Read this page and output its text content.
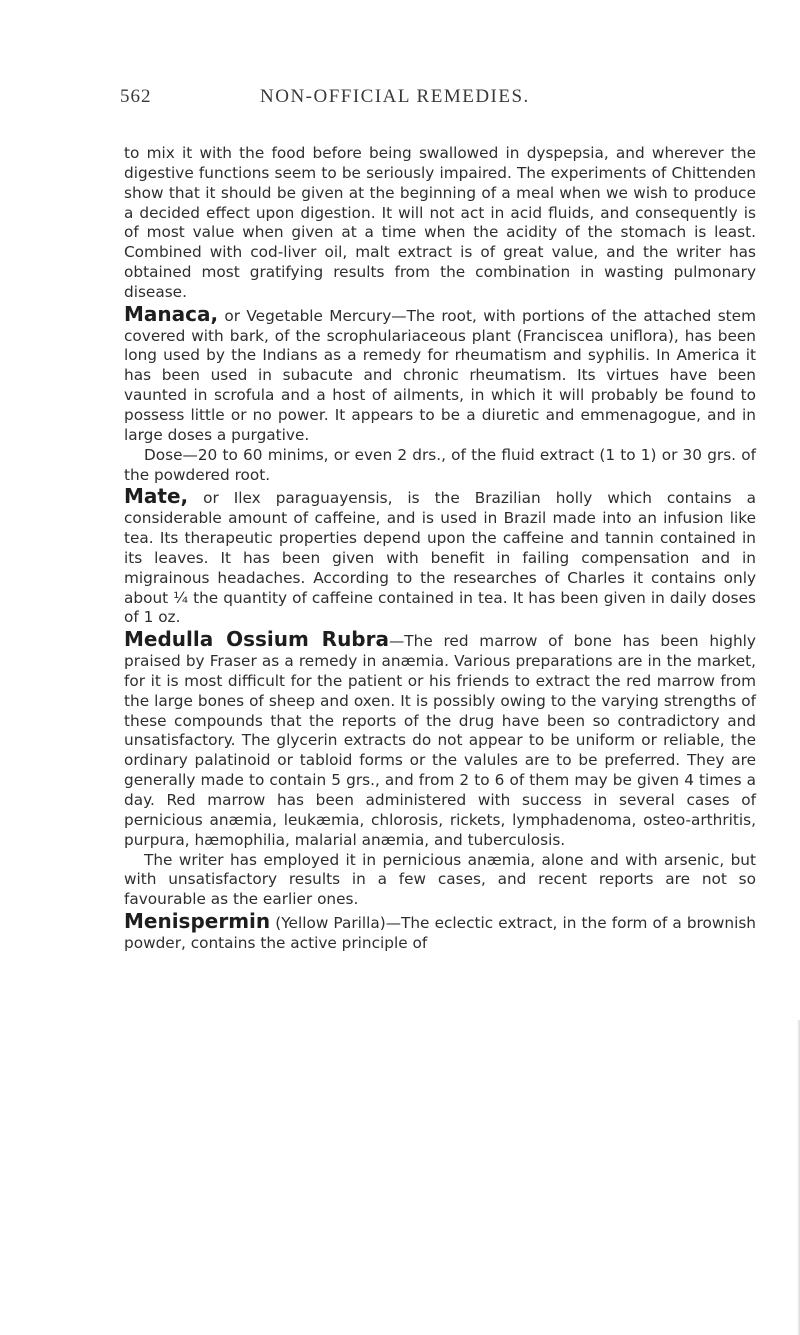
562	NON-OFFICIAL REMEDIES.

to mix it with the food before being swallowed in dyspepsia, and wherever the digestive functions seem to be seriously impaired. The experiments of Chittenden show that it should be given at the beginning of a meal when we wish to produce a decided effect upon digestion. It will not act in acid fluids, and consequently is of most value when given at a time when the acidity of the stomach is least. Combined with cod-liver oil, malt extract is of great value, and the writer has obtained most gratifying results from the combination in wasting pulmonary disease.

Manaca, or Vegetable Mercury—The root, with portions of the attached stem covered with bark, of the scrophulariaceous plant (Franciscea uniflora), has been long used by the Indians as a remedy for rheumatism and syphilis. In America it has been used in subacute and chronic rheumatism. Its virtues have been vaunted in scrofula and a host of ailments, in which it will probably be found to possess little or no power. It appears to be a diuretic and emmenagogue, and in large doses a purgative.

Dose—20 to 60 minims, or even 2 drs., of the fluid extract (1 to 1) or 30 grs. of the powdered root.

Mate, or Ilex paraguayensis, is the Brazilian holly which contains a considerable amount of caffeine, and is used in Brazil made into an infusion like tea. Its therapeutic properties depend upon the caffeine and tannin contained in its leaves. It has been given with benefit in failing compensation and in migrainous headaches. According to the researches of Charles it contains only about ¼ the quantity of caffeine contained in tea. It has been given in daily doses of 1 oz.

Medulla Ossium Rubra—The red marrow of bone has been highly praised by Fraser as a remedy in anæmia. Various preparations are in the market, for it is most difficult for the patient or his friends to extract the red marrow from the large bones of sheep and oxen. It is possibly owing to the varying strengths of these compounds that the reports of the drug have been so contradictory and unsatisfactory. The glycerin extracts do not appear to be uniform or reliable, the ordinary palatinoid or tabloid forms or the valules are to be preferred. They are generally made to contain 5 grs., and from 2 to 6 of them may be given 4 times a day. Red marrow has been administered with success in several cases of pernicious anæmia, leukæmia, chlorosis, rickets, lymphadenoma, osteo-arthritis, purpura, hæmophilia, malarial anæmia, and tuberculosis.

The writer has employed it in pernicious anæmia, alone and with arsenic, but with unsatisfactory results in a few cases, and recent reports are not so favourable as the earlier ones.

Menispermin (Yellow Parilla)—The eclectic extract, in the form of a brownish powder, contains the active principle of
